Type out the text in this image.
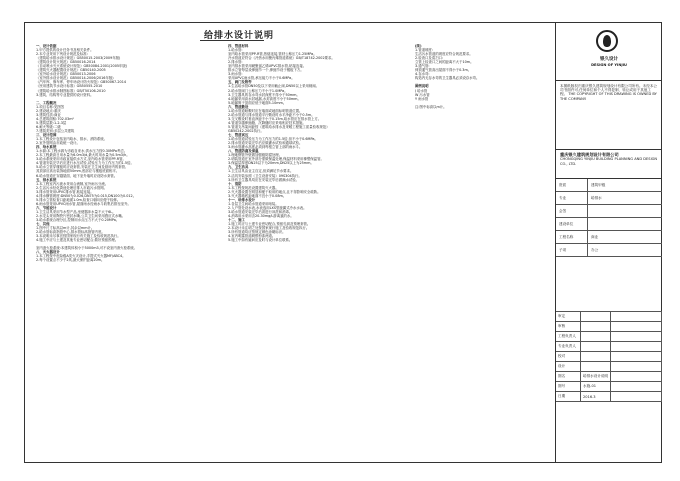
给排水设计说明
一、设计依据
1.甲方提供的设计任务书及相关条件。
2.本专业采用下列设计规范及标准:
《建筑给水排水设计规范》GB50015-2003(2009年版)
《建筑设计防火规范》GB50016-2014
《自动喷水灭火系统设计规范》GB50084-2001(2005年版)
《建筑灭火器配置设计规范》GB50140-2005
《室外给水设计规范》GB50013-2006
《室外排水设计规范》GB50014-2006(2016年版)
《汽车库、修车库、停车场设计防火规范》GB50067-2014
《民用建筑节水设计标准》GB50555-2010
《建筑给水排水制图标准》GB/T50106-2010
3.建筑、结构等专业提供的设计资料。
二、工程概况
1.项目名称:见图签
2.建设地点:重庆
3.建筑性质:商业
4.总建筑面积:702.03m²
5.建筑层数:1-2-3层
6.耐火等级:二级
7.建筑类别:多层公共建筑
三、设计范围
1.本工程设计包括室内给水、排水、消防系统。
2.室外管网由市政统一设计。
四、给水系统
1.水源:本工程水源为市政自来水,供水压力按0.30MPa考虑。
2.本工程最高日用水量为6.0m3/d,最大时用水量为0.5m3/h。
3.给水系统采用市政直接供水方式,室内给水管采用PP-R管。
4.管道安装完毕后应进行水压试验,试验压力为工作压力的1.5倍。
5.给水立管穿楼板时应设套管,安装在卫生间及厨房内的套管,
其顶部应高出装饰地面50mm,底部应与楼板底面相平。
6.给水管道在穿越屋面、地下室外墙时应设防水套管。
五、排水系统
1.本工程室内污废水采用合流制,室外雨污分流。
2.生活污水经化粪池处理后排入市政污水管网。
3.排水管采用UPVC排水管,粘接连接。
4.排水横管坡度:DN50为0.026,DN75为0.015,DN100为0.012。
5.排水立管检查口距地面1.0m,检查口朝向应便于检修。
6.雨水管采用UPVC雨水管,屋面雨水经雨水斗收集后排至室外。
六、节能设计
1.卫生洁具采用节水型产品,坐便器冲水量不大于6L。
2.水龙头采用陶瓷片密封水嘴,公共卫生间采用感应式水嘴。
3.给水系统合理分区,控制用水点压力不大于0.20MPa。
七、其他
1.图中尺寸标高以m计,其余以mm计。
2.给水管标高指管中心,排水管标高指管内底。
3.本说明未尽事宜按国家现行有关施工及验收规范执行。
4.施工中应与土建及其他专业密切配合,做好预留预埋。
室内消火栓系统:本建筑体积小于5000m3,可不设室内消火栓系统。
八、灭火器设计
1.本工程按中危险级A类火灾设计,手提式灭火器MF/ABC4。
2.每个设置点不少于2具,最大保护距离20m。
四、管道材料
1.给水管:
室内给水管采用PP-R管,热熔连接,管材公称压力1.25MPa。
冷水管道应符合《冷热水用聚丙烯管道系统》GB/T18742-2002要求。
2.排水管:
室内排水管采用硬聚氯乙烯UPVC排水管,粘接连接。
排水立管每层设伸缩节一个,伸缩节设于楼板下方。
3.雨水管:
采用UPVC雨水管,承压能力不小于0.6MPa。
五、阀门及附件
1.生活给水管DN50及以下采用截止阀,DN50以上采用闸阀。
2.给水管阀门公称压力不小于1.0MPa。
3.卫生器具的存水弯水封深度不得小于50mm。
4.地漏采用高水封地漏,水封高度不小于50mm。
5.地漏箅子顶面应低于地面5-10mm。
六、管道敷设
1.给水管道暗敷时应在墙面或地面标明管道位置。
2.给水管道与排水管道平行敷设时水平净距不小于0.5m。
3.交叉敷设时垂直净距不小于0.15m,给水管应在排水管上方。
4.管道穿越伸缩缝、沉降缝时应采取相应技术措施。
5.管道支吊架间距按《建筑给水排水及采暖工程施工质量验收规范》
GB50242-2002执行。
七、管道试压
1.给水管道试验压力为工作压力的1.5倍,但不小于0.6MPa。
2.排水管道安装完毕后应做灌水试验和通球试验。
3.雨水管灌水高度必须到每根立管上部的雨水斗。
八、管道防腐及保温
1.埋地钢管外壁做加强级防腐处理。
2.明装管道在室外部分需做保温处理,保温材料采用橡塑保温管。
3.保温层厚度DN25以下为20mm,DN25以上为25mm。
九、卫生洁具
1.卫生洁具由业主自定,但须满足节水要求。
2.洁具安装参照《卫生设备安装》09S304执行。
3.所有卫生器具均应在安装完毕后做满水试验。
十、消防
1.本工程按规范设置建筑灭火器。
2.灭火器设置在明显和便于取用的地点,且不得影响安全疏散。
3.灭火器箱底距地面不宜小于0.08m。
十一、给排水设计
1.各层卫生间给水管道采用暗装。
2.入户管处设水表,水表选用LXS型旋翼式冷水水表。
3.给水管道安装完毕后须进行冲洗和消毒。
4.消毒用水采用含20-30mg/L游离氯的水。
十二、施工
1.施工时应与土建专业密切配合,预留孔洞及预埋套管。
2.本设计未注明之处按国家现行施工及验收规范执行。
3.所有管道均应按规定颜色涂刷标识。
4.室内明露管道刷银粉漆两道。
5.施工中如有疑问应及时与设计单位联系。
(续)
1.管道坡度:
生活污水管道的坡度应符合规范要求。
2.检查口及清扫口:
立管上检查口之间的距离不大于10m。
3.通气管:
伸顶通气管高出屋面不得小于0.3m。
4.存水弯:
构造内无存水弯的卫生器具必须设存水弯。
图例说明
J 给水管
W 污水管
Y 雨水管
注:图中标高以m计。
银久设计
DESIGN OF YINJIU
本图纸版权归重庆银久建筑规划设计有限公司所有。未经本公司书面许可,任何单位和个人不得复制、转让或用于其他工程。 THE COPYRIGHT OF THIS DRAWING IS OWNED BY THE COMPANY.
重庆银久建筑规划设计有限公司
CHONGQING YINJIU BUILDING PLANNING AND DESIGN CO., LTD.
资质	建筑甲级
专业	给排水
会签
建设单位
工程名称	商业
子项	办公
审定
审核
工程负责人
专业负责人
校对
设计
图名	给排水设计说明
图号	水施-01
日期	2016.3
